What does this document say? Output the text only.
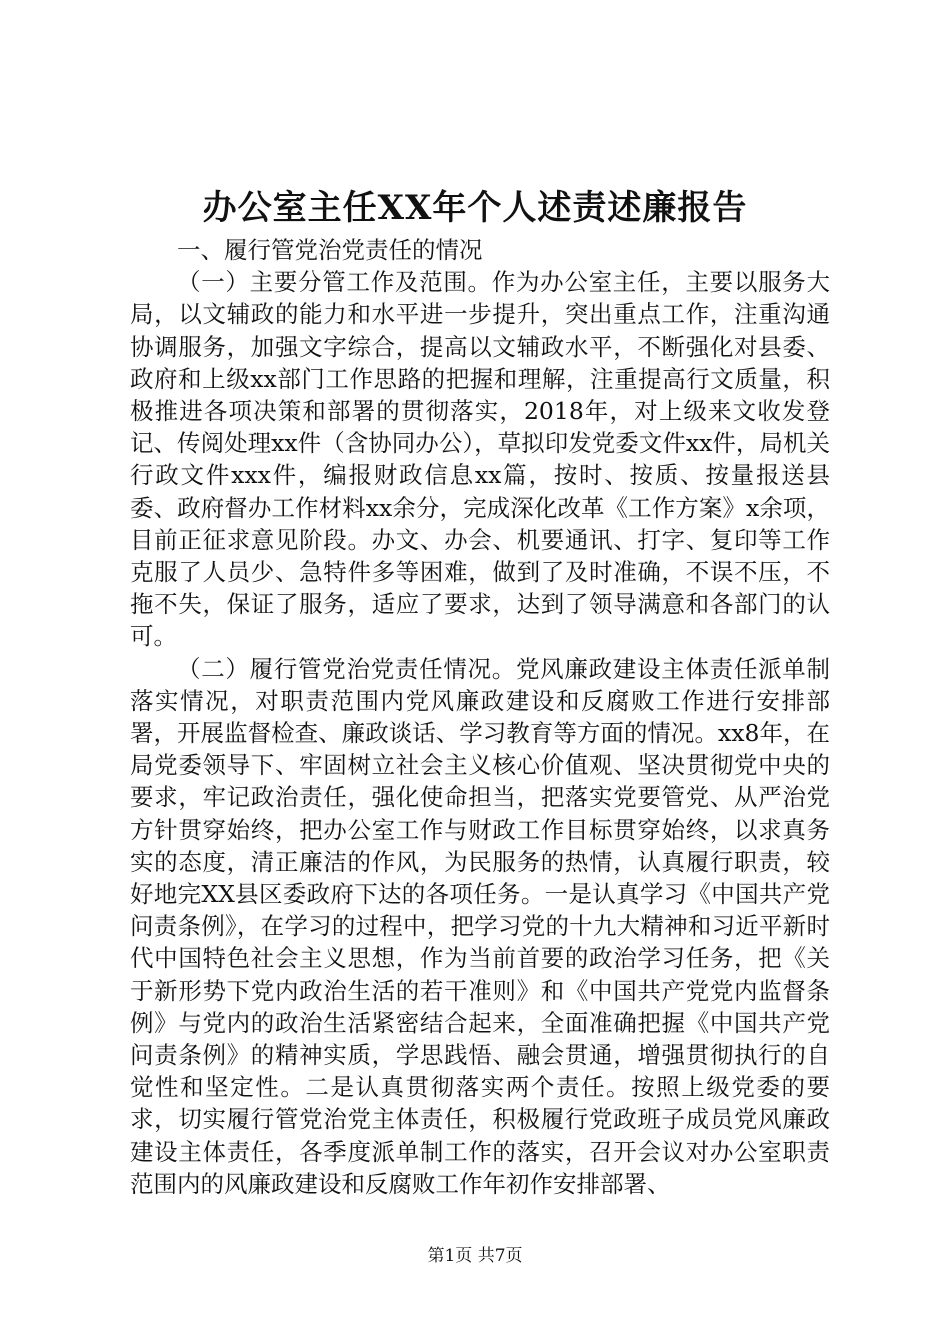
办公室主任XX年个人述责述廉报告

一、履行管党治党责任的情况

（一）主要分管工作及范围。作为办公室主任，主要以服务大局，以文辅政的能力和水平进一步提升，突出重点工作，注重沟通协调服务，加强文字综合，提高以文辅政水平，不断强化对县委、政府和上级xx部门工作思路的把握和理解，注重提高行文质量，积极推进各项决策和部署的贯彻落实，2018年，对上级来文收发登记、传阅处理xx件（含协同办公），草拟印发党委文件xx件，局机关行政文件xxx件，编报财政信息xx篇，按时、按质、按量报送县委、政府督办工作材料xx余分，完成深化改革《工作方案》x余项，目前正征求意见阶段。办文、办会、机要通讯、打字、复印等工作克服了人员少、急特件多等困难，做到了及时准确，不误不压，不拖不失，保证了服务，适应了要求，达到了领导满意和各部门的认可。

（二）履行管党治党责任情况。党风廉政建设主体责任派单制落实情况，对职责范围内党风廉政建设和反腐败工作进行安排部署，开展监督检查、廉政谈话、学习教育等方面的情况。xx8年，在局党委领导下、牢固树立社会主义核心价值观、坚决贯彻党中央的要求，牢记政治责任，强化使命担当，把落实党要管党、从严治党方针贯穿始终，把办公室工作与财政工作目标贯穿始终，以求真务实的态度，清正廉洁的作风，为民服务的热情，认真履行职责，较好地完XX县区委政府下达的各项任务。一是认真学习《中国共产党问责条例》，在学习的过程中，把学习党的十九大精神和习近平新时代中国特色社会主义思想，作为当前首要的政治学习任务，把《关于新形势下党内政治生活的若干准则》和《中国共产党党内监督条例》与党内的政治生活紧密结合起来，全面准确把握《中国共产党问责条例》的精神实质，学思践悟、融会贯通，增强贯彻执行的自觉性和坚定性。二是认真贯彻落实两个责任。按照上级党委的要求，切实履行管党治党主体责任，积极履行党政班子成员党风廉政建设主体责任，各季度派单制工作的落实，召开会议对办公室职责范围内的风廉政建设和反腐败工作年初作安排部署、

第1页 共7页
